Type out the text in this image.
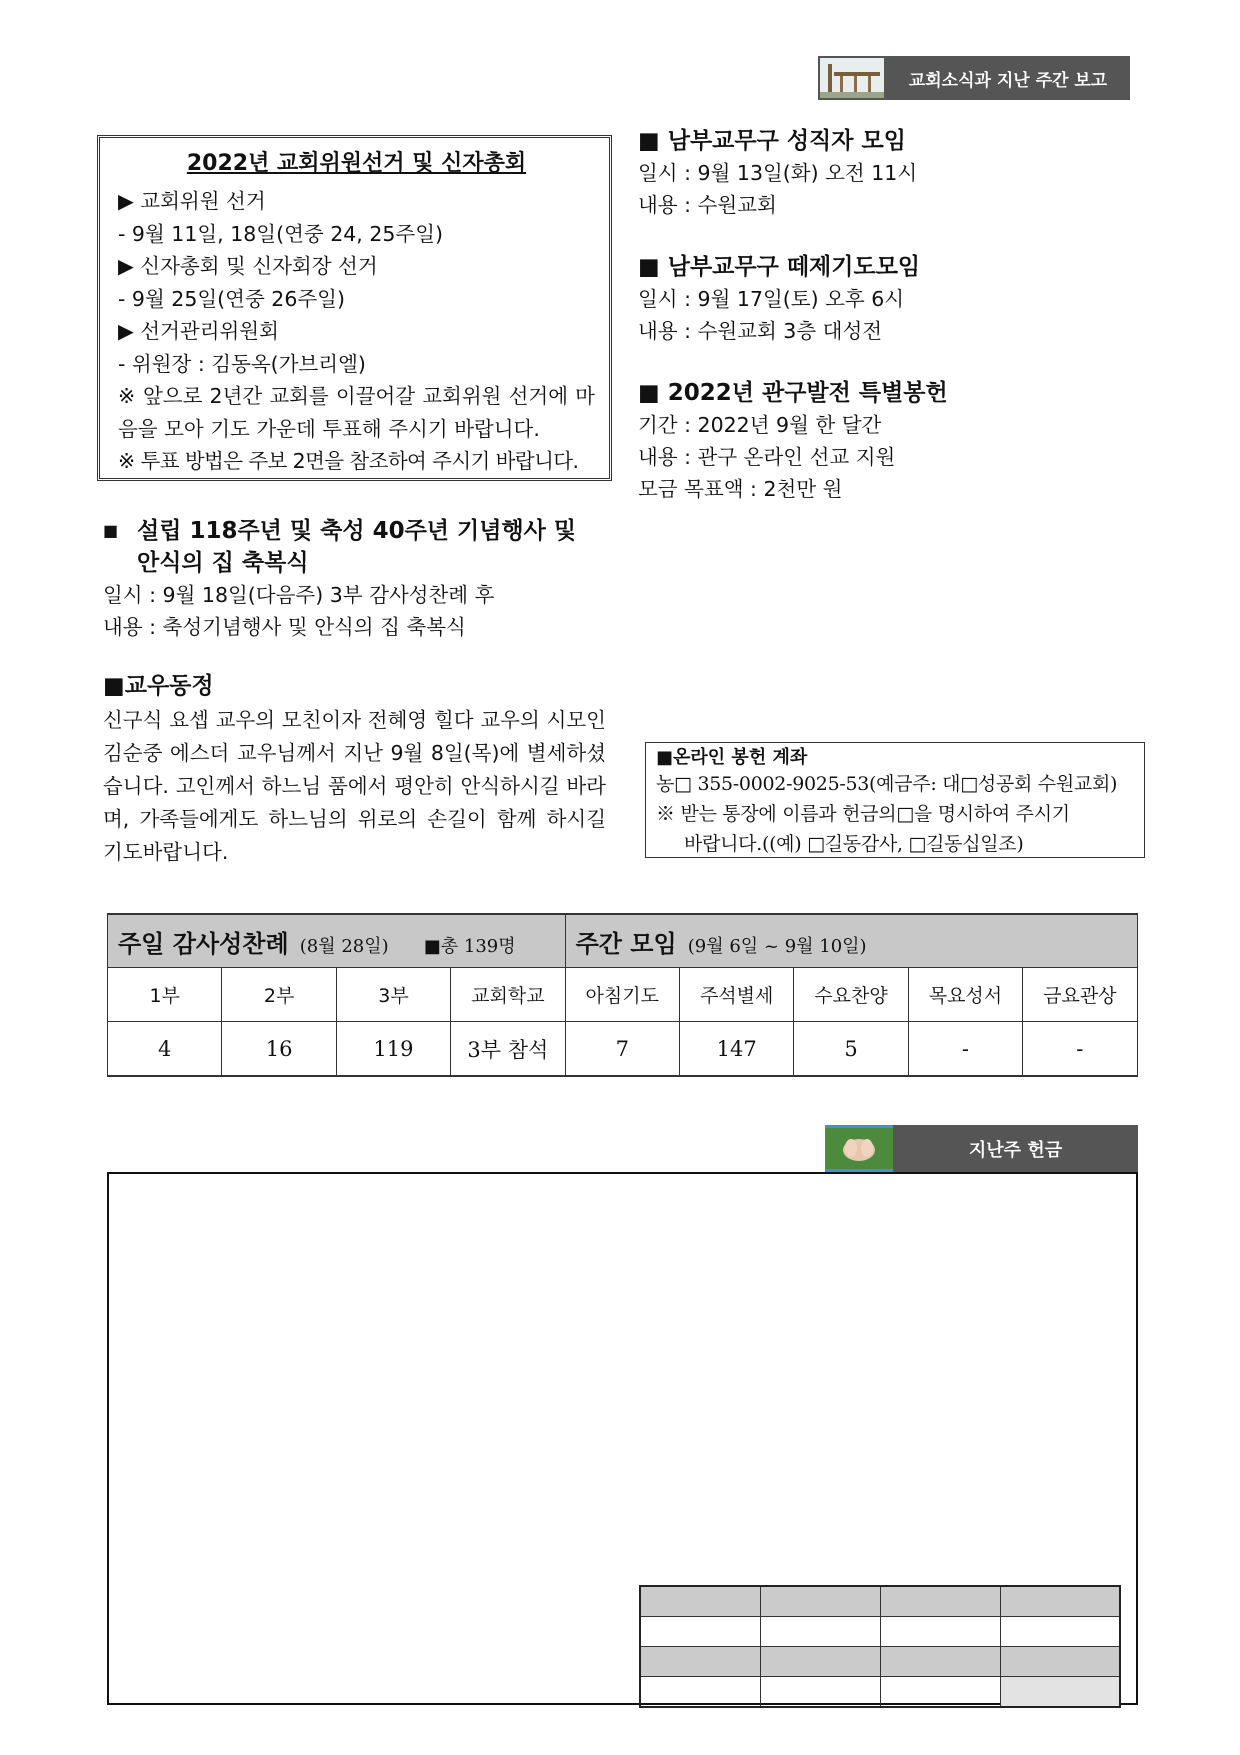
교회소식과 지난 주간 보고
2022년 교회위원선거 및 신자총회
▶ 교회위원 선거
- 9월 11일, 18일(연중 24, 25주일)
▶ 신자총회 및 신자회장 선거
- 9월 25일(연중 26주일)
▶ 선거관리위원회
- 위원장 : 김동옥(가브리엘)
※ 앞으로 2년간 교회를 이끌어갈 교회위원 선거에 마음을 모아 기도 가운데 투표해 주시기 바랍니다.
※ 투표 방법은 주보 2면을 참조하여 주시기 바랍니다.
■ 설립 118주년 및 축성 40주년 기념행사 및
안식의 집 축복식
일시 : 9월 18일(다음주) 3부 감사성찬례 후
내용 : 축성기념행사 및 안식의 집 축복식
■교우동정
신구식 요셉 교우의 모친이자 전혜영 힐다 교우의 시모인 김순중 에스더 교우님께서 지난 9월 8일(목)에 별세하셨습니다. 고인께서 하느님 품에서 평안히 안식하시길 바라며, 가족들에게도 하느님의 위로의 손길이 함께 하시길 기도바랍니다.
■ 남부교무구 성직자 모임
일시 : 9월 13일(화) 오전 11시
내용 : 수원교회
■ 남부교무구 떼제기도모임
일시 : 9월 17일(토) 오후 6시
내용 : 수원교회 3층 대성전
■ 2022년 관구발전 특별봉헌
기간 : 2022년 9월 한 달간
내용 : 관구 온라인 선교 지원
모금 목표액 : 2천만 원
■온라인 봉헌 계좌
농□ 355-0002-9025-53(예금주: 대□성공회 수원교회)
※ 받는 통장에 이름과 헌금의□을 명시하여 주시기
바랍니다.((예) □길동감사, □길동십일조)
주일 감사성찬례 (8월 28일) ■총 139명				주간 모임 (9월 6일 ~ 9월 10일)				
1부	2부	3부	교회학교	아침기도	주석별세	수요찬양	목요성서	금요관상
4	16	119	3부 참석	7	147	5	-	-
지난주 헌금
